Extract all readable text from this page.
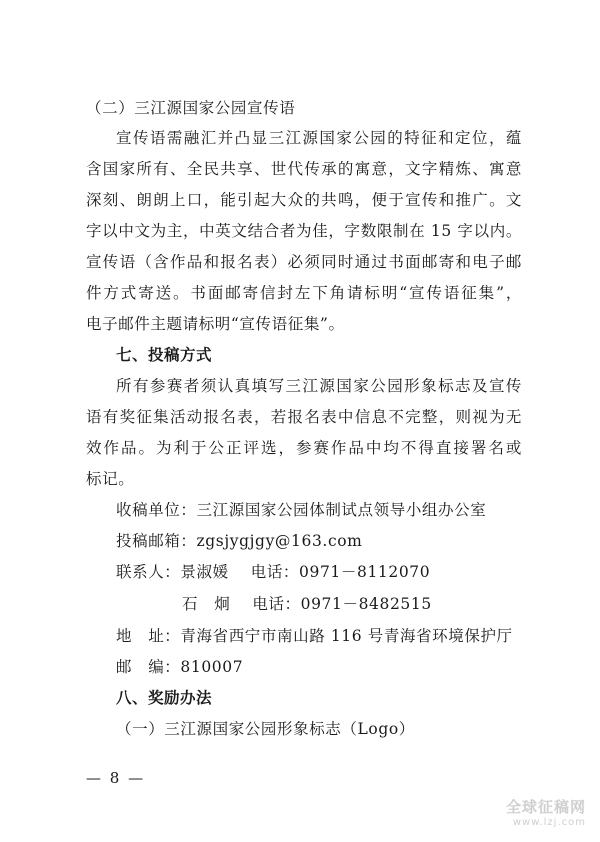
（二）三江源国家公园宣传语
宣传语需融汇并凸显三江源国家公园的特征和定位，蕴
含国家所有、全民共享、世代传承的寓意，文字精炼、寓意
深刻、朗朗上口，能引起大众的共鸣，便于宣传和推广。文
字以中文为主，中英文结合者为佳，字数限制在 15 字以内。
宣传语（含作品和报名表）必须同时通过书面邮寄和电子邮
件方式寄送。书面邮寄信封左下角请标明“宣传语征集”，
电子邮件主题请标明“宣传语征集”。
七、投稿方式
所有参赛者须认真填写三江源国家公园形象标志及宣传
语有奖征集活动报名表，若报名表中信息不完整，则视为无
效作品。为利于公正评选，参赛作品中均不得直接署名或
标记。
收稿单位：三江源国家公园体制试点领导小组办公室
投稿邮箱：zgsjygjgy@163.com
联系人：景淑媛 电话：0971－8112070
石　炯 电话：0971－8482515
地　址：青海省西宁市南山路 116 号青海省环境保护厅
邮　编：810007
八、奖励办法
（一）三江源国家公园形象标志（Logo）
— 8 —
全球征稿网
www.lzj.com
